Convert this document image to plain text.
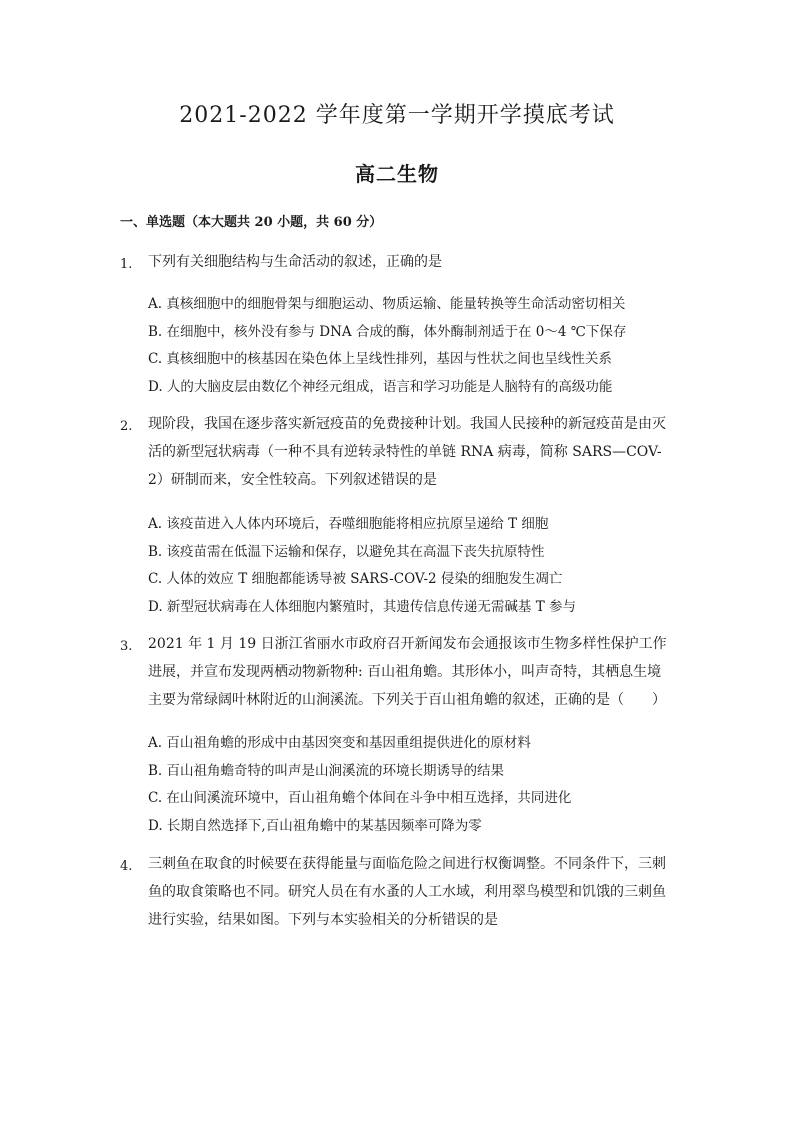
2021-2022 学年度第一学期开学摸底考试
高二生物
一、单选题（本大题共 20 小题，共 60 分）
1. 下列有关细胞结构与生命活动的叙述，正确的是
A. 真核细胞中的细胞骨架与细胞运动、物质运输、能量转换等生命活动密切相关
B. 在细胞中，核外没有参与 DNA 合成的酶，体外酶制剂适于在 0～4 ℃下保存
C. 真核细胞中的核基因在染色体上呈线性排列，基因与性状之间也呈线性关系
D. 人的大脑皮层由数亿个神经元组成，语言和学习功能是人脑特有的高级功能
2. 现阶段，我国在逐步落实新冠疫苗的免费接种计划。我国人民接种的新冠疫苗是由灭活的新型冠状病毒（一种不具有逆转录特性的单链 RNA 病毒，简称 SARS—COV-2）研制而来，安全性较高。下列叙述错误的是
A. 该疫苗进入人体内环境后，吞噬细胞能将相应抗原呈递给 T 细胞
B. 该疫苗需在低温下运输和保存，以避免其在高温下丧失抗原特性
C. 人体的效应 T 细胞都能诱导被 SARS-COV-2 侵染的细胞发生凋亡
D. 新型冠状病毒在人体细胞内繁殖时，其遗传信息传递无需碱基 T 参与
3. 2021 年 1 月 19 日浙江省丽水市政府召开新闻发布会通报该市生物多样性保护工作进展，并宣布发现两栖动物新物种: 百山祖角蟾。其形体小，叫声奇特，其栖息生境主要为常绿阔叶林附近的山涧溪流。下列关于百山祖角蟾的叙述，正确的是（　　）
A. 百山祖角蟾的形成中由基因突变和基因重组提供进化的原材料
B. 百山祖角蟾奇特的叫声是山涧溪流的环境长期诱导的结果
C. 在山间溪流环境中，百山祖角蟾个体间在斗争中相互选择，共同进化
D. 长期自然选择下,百山祖角蟾中的某基因频率可降为零
4. 三刺鱼在取食的时候要在获得能量与面临危险之间进行权衡调整。不同条件下，三刺鱼的取食策略也不同。研究人员在有水蚤的人工水域，利用翠鸟模型和饥饿的三刺鱼进行实验，结果如图。下列与本实验相关的分析错误的是
